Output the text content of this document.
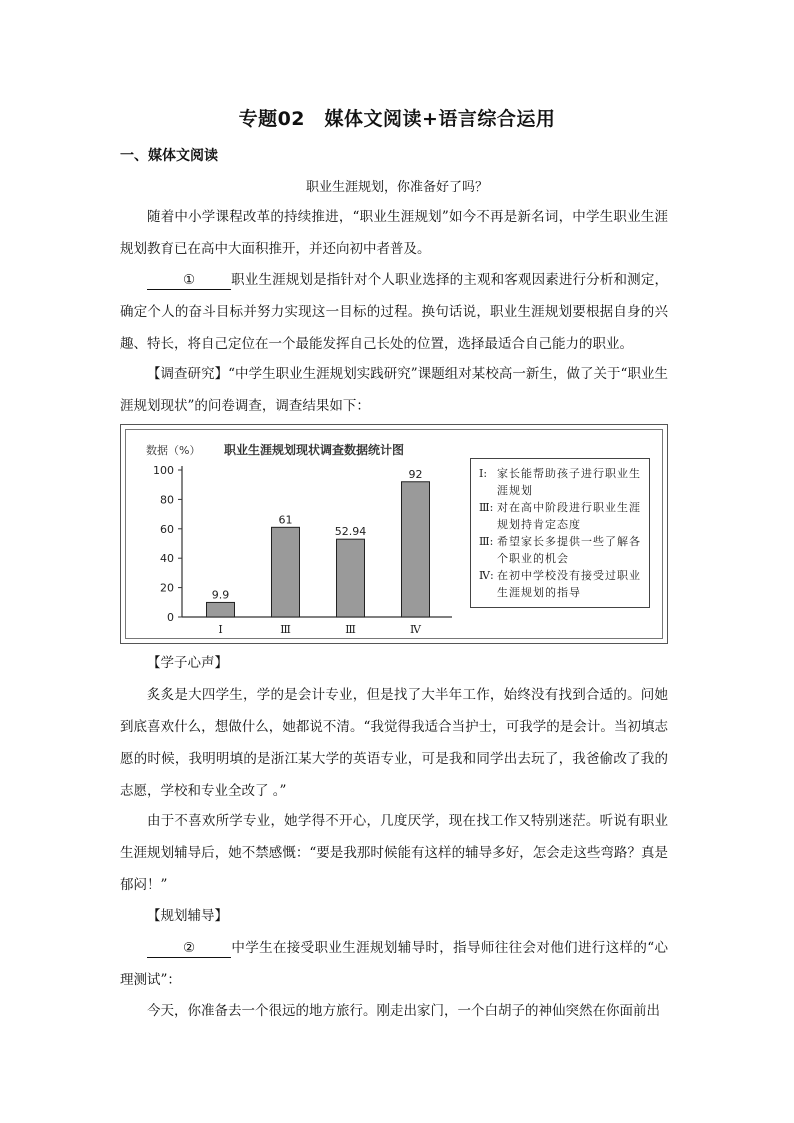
专题02　媒体文阅读+语言综合运用
一、媒体文阅读
职业生涯规划，你准备好了吗？

随着中小学课程改革的持续推进，“职业生涯规划”如今不再是新名词，中学生职业生涯规划教育已在高中大面积推开，并还向初中者普及。

①	职业生涯规划是指针对个人职业选择的主观和客观因素进行分析和测定，确定个人的奋斗目标并努力实现这一目标的过程。换句话说，职业生涯规划要根据自身的兴趣、特长，将自己定位在一个最能发挥自己长处的位置，选择最适合自己能力的职业。

【调查研究】“中学生职业生涯规划实践研究”课题组对某校高一新生，做了关于“职业生涯规划现状”的问卷调查，调查结果如下：

数据（%） 职业生涯规划现状调查数据统计图
0
20
40
60
80
100
9.9
Ⅰ
61
Ⅲ
52.94
Ⅲ
92
Ⅳ
Ⅰ: 家长能帮助孩子进行职业生涯规划
Ⅲ: 对在高中阶段进行职业生涯规划持肯定态度
Ⅲ: 希望家长多提供一些了解各个职业的机会
Ⅳ: 在初中学校没有接受过职业生涯规划的指导

【学子心声】

炙炙是大四学生，学的是会计专业，但是找了大半年工作，始终没有找到合适的。问她到底喜欢什么，想做什么，她都说不清。“我觉得我适合当护士，可我学的是会计。当初填志愿的时候，我明明填的是浙江某大学的英语专业，可是我和同学出去玩了，我爸偷改了我的志愿，学校和专业全改了 。”

由于不喜欢所学专业，她学得不开心，几度厌学，现在找工作又特别迷茫。听说有职业生涯规划辅导后，她不禁感慨：“要是我那时候能有这样的辅导多好，怎会走这些弯路？真是郁闷！”

【规划辅导】

②	中学生在接受职业生涯规划辅导时，指导师往往会对他们进行这样的“心理测试”：

今天，你准备去一个很远的地方旅行。刚走出家门，一个白胡子的神仙突然在你面前出
